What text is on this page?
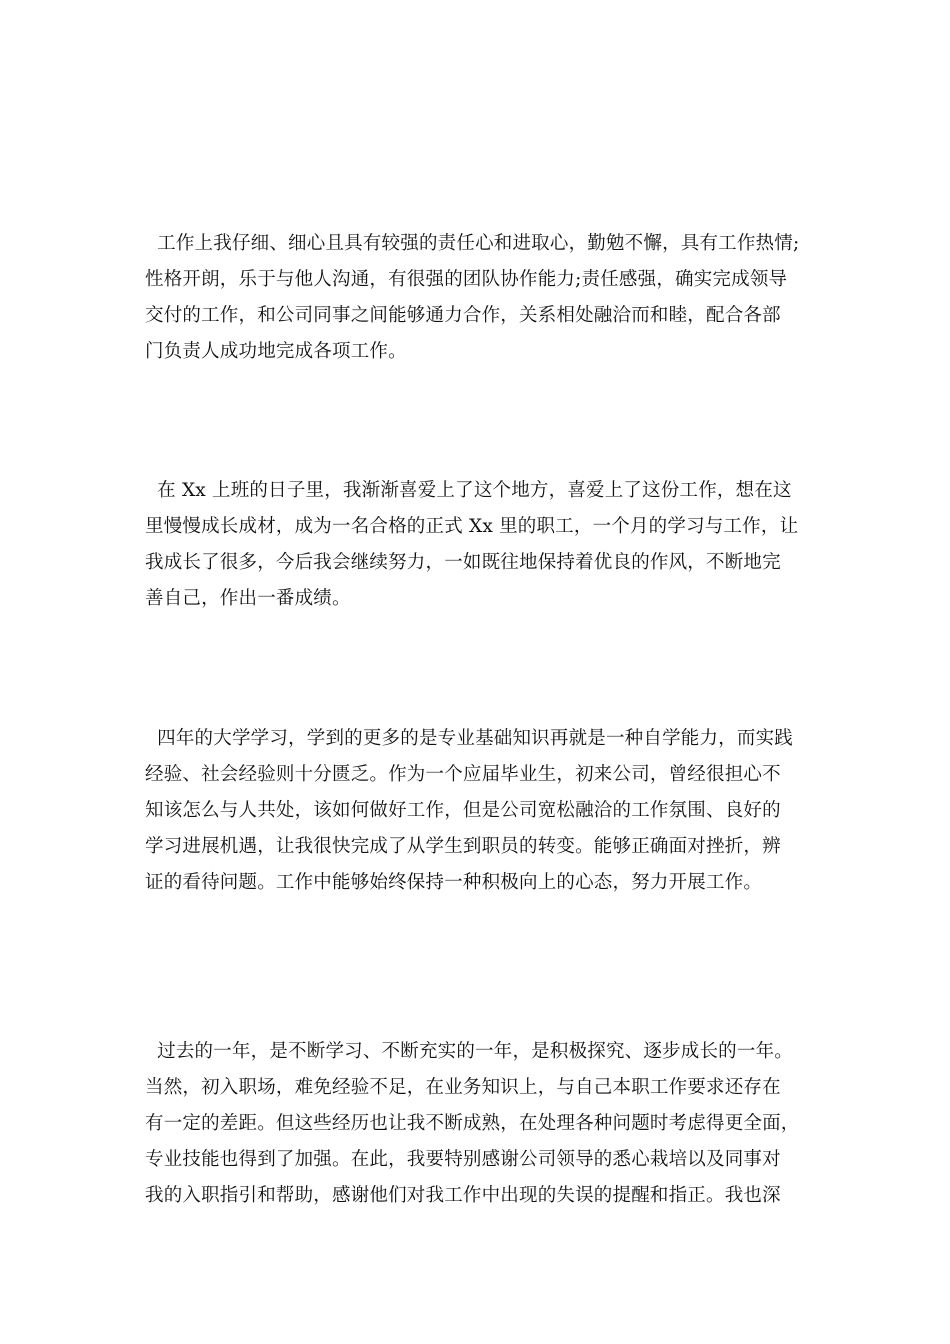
工作上我仔细、细心且具有较强的责任心和进取心，勤勉不懈，具有工作热情;
性格开朗，乐于与他人沟通，有很强的团队协作能力;责任感强，确实完成领导
交付的工作，和公司同事之间能够通力合作，关系相处融洽而和睦，配合各部
门负责人成功地完成各项工作。
在 Xx 上班的日子里，我渐渐喜爱上了这个地方，喜爱上了这份工作，想在这
里慢慢成长成材，成为一名合格的正式 Xx 里的职工，一个月的学习与工作，让
我成长了很多，今后我会继续努力，一如既往地保持着优良的作风，不断地完
善自己，作出一番成绩。
四年的大学学习，学到的更多的是专业基础知识再就是一种自学能力，而实践
经验、社会经验则十分匮乏。作为一个应届毕业生，初来公司，曾经很担心不
知该怎么与人共处，该如何做好工作，但是公司宽松融洽的工作氛围、良好的
学习进展机遇，让我很快完成了从学生到职员的转变。能够正确面对挫折，辨
证的看待问题。工作中能够始终保持一种积极向上的心态，努力开展工作。
过去的一年，是不断学习、不断充实的一年，是积极探究、逐步成长的一年。
当然，初入职场，难免经验不足，在业务知识上，与自己本职工作要求还存在
有一定的差距。但这些经历也让我不断成熟，在处理各种问题时考虑得更全面，
专业技能也得到了加强。在此，我要特别感谢公司领导的悉心栽培以及同事对
我的入职指引和帮助，感谢他们对我工作中出现的失误的提醒和指正。我也深
